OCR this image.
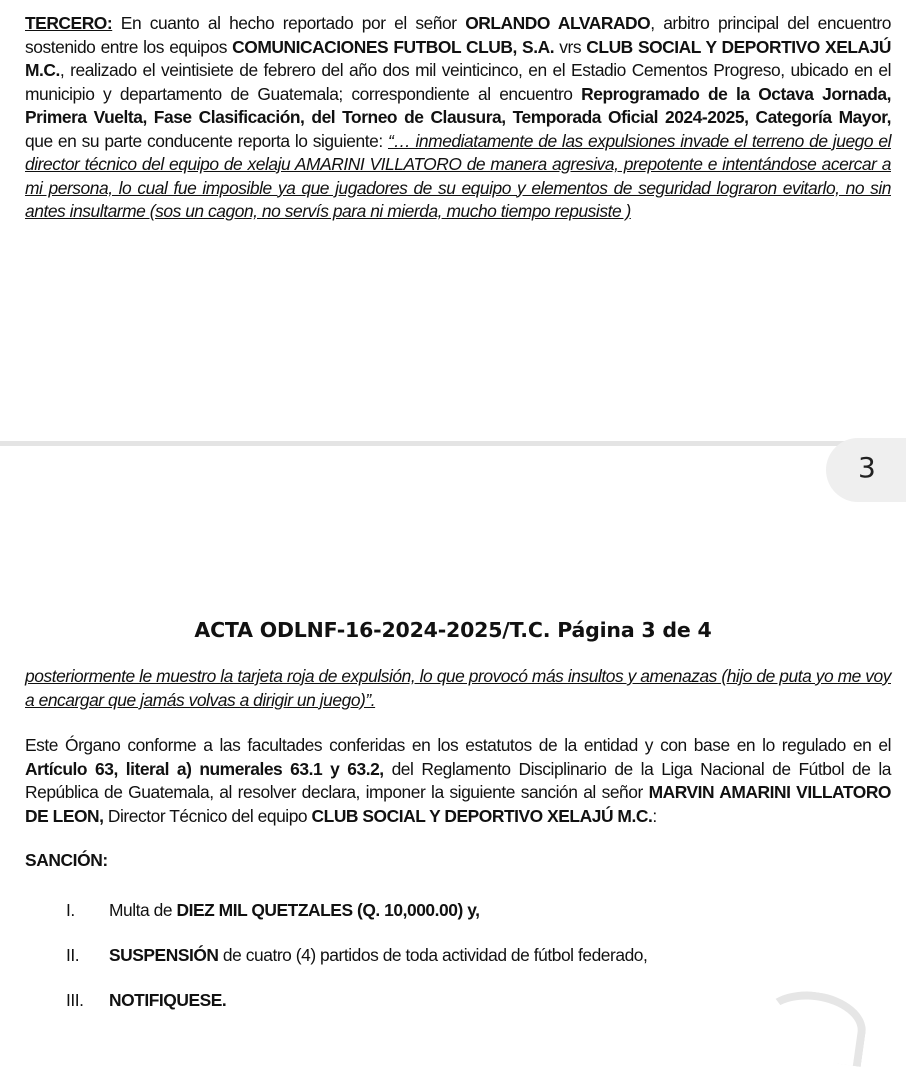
TERCERO: En cuanto al hecho reportado por el señor ORLANDO ALVARADO, arbitro principal del encuentro sostenido entre los equipos COMUNICACIONES FUTBOL CLUB, S.A. vrs CLUB SOCIAL Y DEPORTIVO XELAJÚ M.C., realizado el veintisiete de febrero del año dos mil veinticinco, en el Estadio Cementos Progreso, ubicado en el municipio y departamento de Guatemala; correspondiente al encuentro Reprogramado de la Octava Jornada, Primera Vuelta, Fase Clasificación, del Torneo de Clausura, Temporada Oficial 2024-2025, Categoría Mayor, que en su parte conducente reporta lo siguiente: “… inmediatamente de las expulsiones invade el terreno de juego el director técnico del equipo de xelaju AMARINI VILLATORO de manera agresiva, prepotente e intentándose acercar a mi persona, lo cual fue imposible ya que jugadores de su equipo y elementos de seguridad lograron evitarlo, no sin antes insultarme (sos un cagon, no servís para ni mierda, mucho tiempo repusiste )

3
ACTA ODLNF-16-2024-2025/T.C. Página 3 de 4

posteriormente le muestro la tarjeta roja de expulsión, lo que provocó más insultos y amenazas (hijo de puta yo me voy a encargar que jamás volvas a dirigir un juego)”.

Este Órgano conforme a las facultades conferidas en los estatutos de la entidad y con base en lo regulado en el Artículo 63, literal a) numerales 63.1 y 63.2, del Reglamento Disciplinario de la Liga Nacional de Fútbol de la República de Guatemala, al resolver declara, imponer la siguiente sanción al señor MARVIN AMARINI VILLATORO DE LEON, Director Técnico del equipo CLUB SOCIAL Y DEPORTIVO XELAJÚ M.C.:

SANCIÓN:
I.	Multa de DIEZ MIL QUETZALES (Q. 10,000.00) y,
II.	SUSPENSIÓN de cuatro (4) partidos de toda actividad de fútbol federado,
III.	NOTIFIQUESE.
